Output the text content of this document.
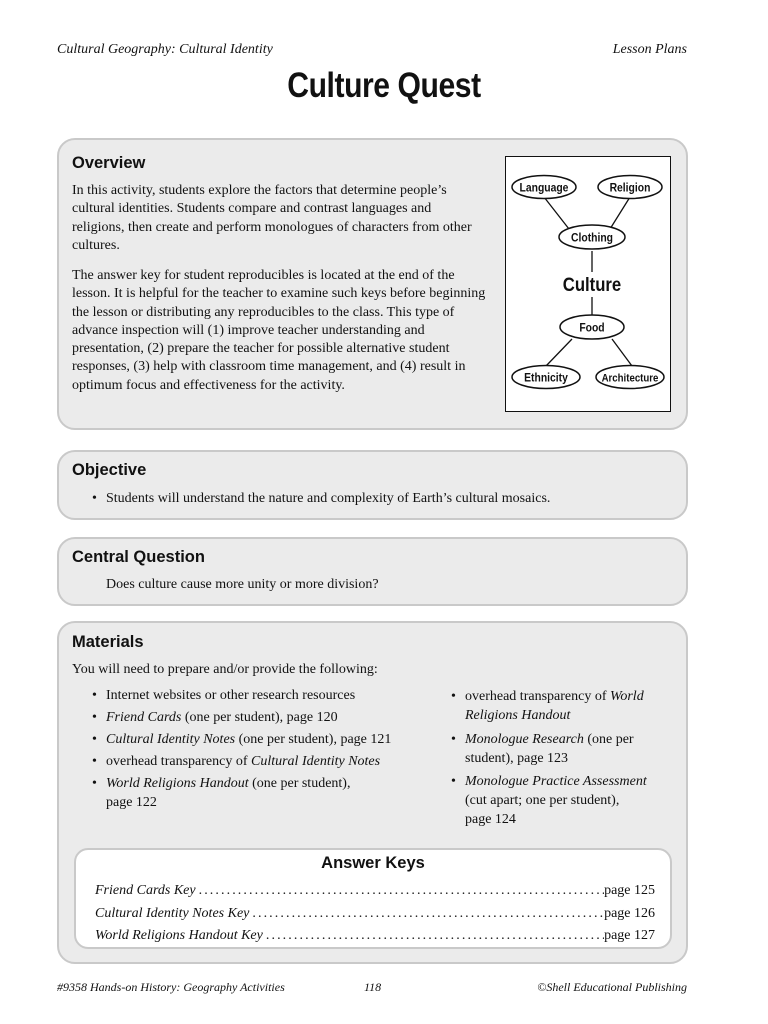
Cultural Geography: Cultural Identity	Lesson Plans
Culture Quest
Overview
In this activity, students explore the factors that determine people’s cultural identities. Students compare and contrast languages and religions, then create and perform monologues of characters from other cultures.
The answer key for student reproducibles is located at the end of the lesson. It is helpful for the teacher to examine such keys before beginning the lesson or distributing any reproducibles to the class. This type of advance inspection will (1) improve teacher understanding and presentation, (2) prepare the teacher for possible alternative student responses, (3) help with classroom time management, and (4) result in optimum focus and effectiveness for the activity.
Language	Religion
Clothing
Food
Ethnicity	Architecture
Culture
Objective
• Students will understand the nature and complexity of Earth’s cultural mosaics.
Central Question
Does culture cause more unity or more division?
Materials
You will need to prepare and/or provide the following:
• Internet websites or other research resources
• Friend Cards (one per student), page 120
• Cultural Identity Notes (one per student), page 121
• overhead transparency of Cultural Identity Notes
• World Religions Handout (one per student),
page 122
• overhead transparency of World
Religions Handout
• Monologue Research (one per
student), page 123
• Monologue Practice Assessment
(cut apart; one per student),
page 124
Answer Keys
Friend Cards Key .....	page 125
Cultural Identity Notes Key .....	page 126
World Religions Handout Key .....	page 127
#9358 Hands-on History: Geography Activities	118	©Shell Educational Publishing
